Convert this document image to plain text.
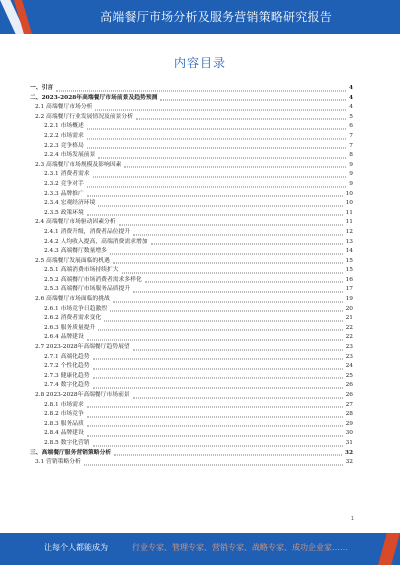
高端餐厅市场分析及服务营销策略研究报告
内容目录
一、引言	4
二、2023-2028年高端餐厅市场前景及趋势预测	4
2.1 高端餐厅市场分析	4
2.2 高端餐厅行业发展情况及前景分析	5
2.2.1 市场概述	6
2.2.2 市场需求	7
2.2.3 竞争格局	7
2.2.4 市场发展前景	8
2.3 高端餐厅市场规模及影响因素	9
2.3.1 消费者需求	9
2.3.2 竞争对手	9
2.3.3 品牌推广	10
2.3.4 宏观经济环境	10
2.3.5 政策环境	11
2.4 高端餐厅市场驱动因素分析	11
2.4.1 消费升级，消费者品位提升	12
2.4.2 人均收入提高，高端消费需求增加	13
2.4.3 高端餐厅数量增多	14
2.5 高端餐厅发展面临的机遇	15
2.5.1 高端消费市场持续扩大	15
2.5.2 高端餐厅市场消费者需求多样化	16
2.5.3 高端餐厅市场服务品质提升	17
2.6 高端餐厅市场面临的挑战	19
2.6.1 市场竞争日趋激烈	20
2.6.2 消费者需求变化	21
2.6.3 服务质量提升	22
2.6.4 品牌建设	22
2.7 2023-2028年高端餐厅趋势展望	23
2.7.1 高端化趋势	23
2.7.2 个性化趋势	24
2.7.3 健康化趋势	25
2.7.4 数字化趋势	26
2.8 2023-2028年高端餐厅市场前景	26
2.8.1 市场需求	27
2.8.2 市场竞争	28
2.8.3 服务品质	29
2.8.4 品牌建设	30
2.8.5 数字化营销	31
三、高端餐厅服务营销策略分析	32
3.1 营销策略分析	32
1
让每个人都能成为	行业专家、管理专家、营销专家、战略专家、成功企业家……
